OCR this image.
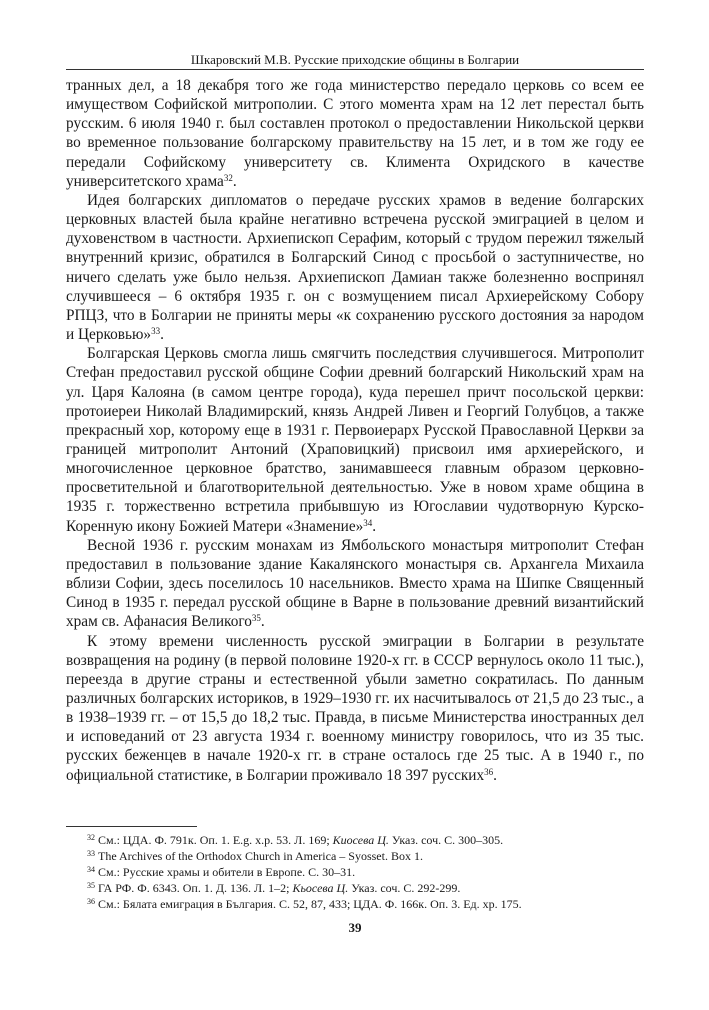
Шкаровский М.В. Русские приходские общины в Болгарии

транных дел, а 18 декабря того же года министерство передало церковь со всем ее имуществом Софийской митрополии. С этого момента храм на 12 лет перестал быть русским. 6 июля 1940 г. был составлен протокол о предоставлении Никольской церкви во временное пользование болгарскому правительству на 15 лет, и в том же году ее передали Софийскому университету св. Климента Охридского в качестве университетского храма$^{32}$.

Идея болгарских дипломатов о передаче русских храмов в ведение болгарских церковных властей была крайне негативно встречена русской эмиграцией в целом и духовенством в частности. Архиепископ Серафим, который с трудом пережил тяжелый внутренний кризис, обратился в Болгарский Синод с просьбой о заступничестве, но ничего сделать уже было нельзя. Архиепископ Дамиан также болезненно воспринял случившееся – 6 октября 1935 г. он с возмущением писал Архиерейскому Собору РПЦЗ, что в Болгарии не приняты меры «к сохранению русского достояния за народом и Церковью»$^{33}$.

Болгарская Церковь смогла лишь смягчить последствия случившегося. Митрополит Стефан предоставил русской общине Софии древний болгарский Никольский храм на ул. Царя Калояна (в самом центре города), куда перешел причт посольской церкви: протоиереи Николай Владимирский, князь Андрей Ливен и Георгий Голубцов, а также прекрасный хор, которому еще в 1931 г. Первоиерарх Русской Православной Церкви за границей митрополит Антоний (Храповицкий) присвоил имя архиерейского, и многочисленное церковное братство, занимавшееся главным образом церковно-просветительной и благотворительной деятельностью. Уже в новом храме община в 1935 г. торжественно встретила прибывшую из Югославии чудотворную Курско-Коренную икону Божией Матери «Знамение»$^{34}$.

Весной 1936 г. русским монахам из Ямбольского монастыря митрополит Стефан предоставил в пользование здание Какалянского монастыря св. Архангела Михаила вблизи Софии, здесь поселилось 10 насельников. Вместо храма на Шипке Священный Синод в 1935 г. передал русской общине в Варне в пользование древний византийский храм св. Афанасия Великого$^{35}$.

К этому времени численность русской эмиграции в Болгарии в результате возвращения на родину (в первой половине 1920-х гг. в СССР вернулось около 11 тыс.), переезда в другие страны и естественной убыли заметно сократилась. По данным различных болгарских историков, в 1929–1930 гг. их насчитывалось от 21,5 до 23 тыс., а в 1938–1939 гг. – от 15,5 до 18,2 тыс. Правда, в письме Министерства иностранных дел и исповеданий от 23 августа 1934 г. военному министру говорилось, что из 35 тыс. русских беженцев в начале 1920-х гг. в стране осталось где 25 тыс. А в 1940 г., по официальной статистике, в Болгарии проживало 18 397 русских$^{36}$.

$^{32}$ См.: ЦДА. Ф. 791к. Оп. 1. Е.g. х.р. 53. Л. 169; Киосева Ц. Указ. соч. С. 300–305.
$^{33}$ The Archives of the Orthodox Church in America – Syosset. Box 1.
$^{34}$ См.: Русские храмы и обители в Европе. С. 30–31.
$^{35}$ ГА РФ. Ф. 6343. Оп. 1. Д. 136. Л. 1–2; Кьосева Ц. Указ. соч. С. 292-299.
$^{36}$ См.: Бялата емиграция в България. С. 52, 87, 433; ЦДА. Ф. 166к. Оп. 3. Ед. хр. 175.
39
